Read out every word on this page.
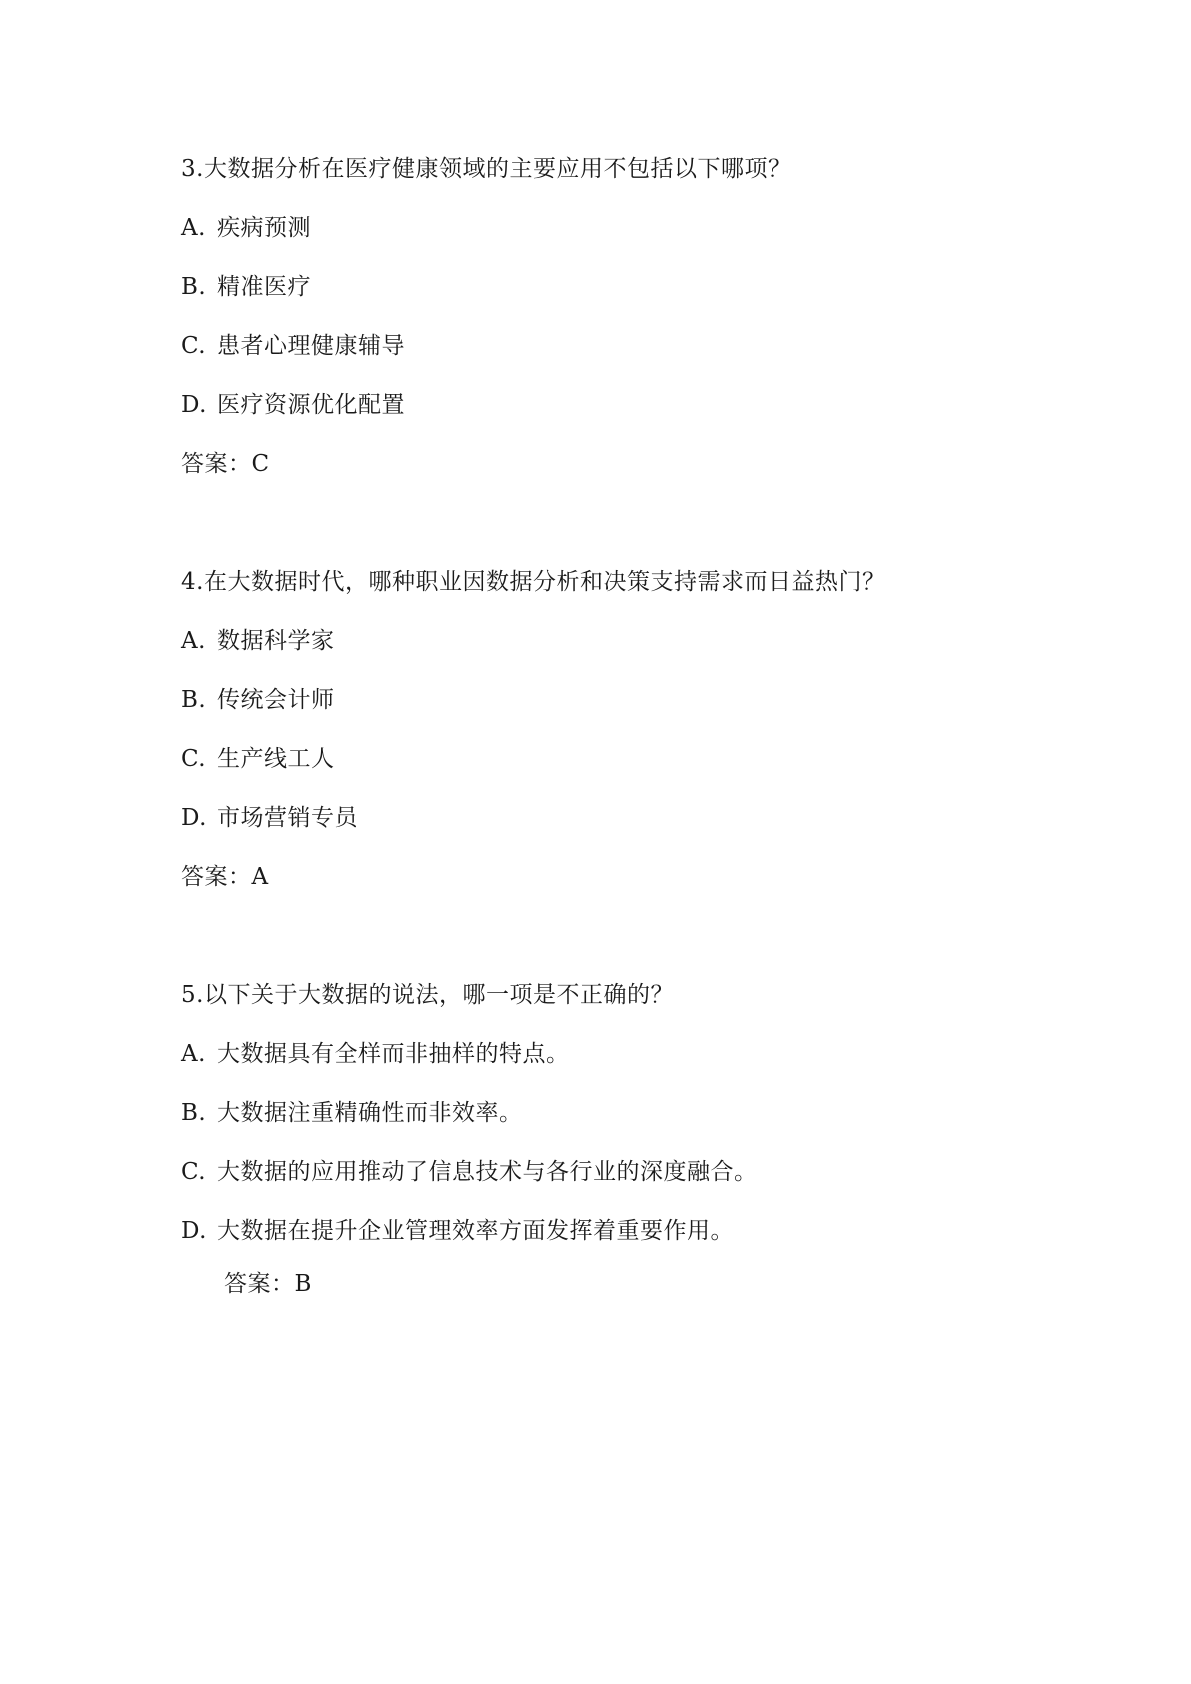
3.大数据分析在医疗健康领域的主要应用不包括以下哪项？
A. 疾病预测
B. 精准医疗
C. 患者心理健康辅导
D. 医疗资源优化配置
答案：C
4.在大数据时代，哪种职业因数据分析和决策支持需求而日益热门？
A. 数据科学家
B. 传统会计师
C. 生产线工人
D. 市场营销专员
答案：A
5.以下关于大数据的说法，哪一项是不正确的？
A. 大数据具有全样而非抽样的特点。
B. 大数据注重精确性而非效率。
C. 大数据的应用推动了信息技术与各行业的深度融合。
D. 大数据在提升企业管理效率方面发挥着重要作用。
答案：B
